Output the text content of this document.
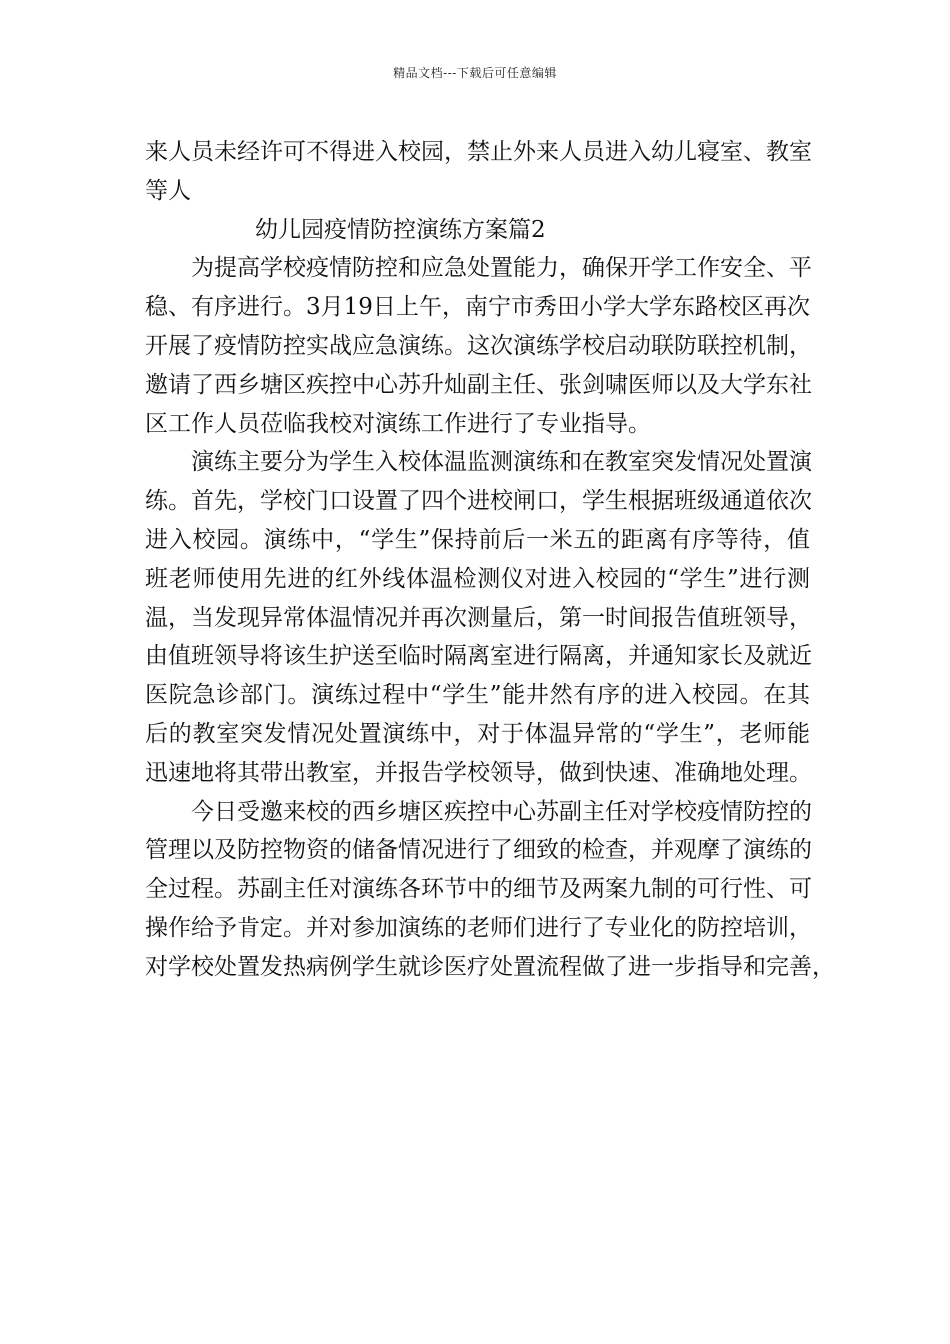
精品文档---下载后可任意编辑
来人员未经许可不得进入校园，禁止外来人员进入幼儿寝室、教室
等人
幼儿园疫情防控演练方案篇2
　　为提高学校疫情防控和应急处置能力，确保开学工作安全、平
稳、有序进行。3月19日上午，南宁市秀田小学大学东路校区再次
开展了疫情防控实战应急演练。这次演练学校启动联防联控机制，
邀请了西乡塘区疾控中心苏升灿副主任、张剑啸医师以及大学东社
区工作人员莅临我校对演练工作进行了专业指导。
　　演练主要分为学生入校体温监测演练和在教室突发情况处置演
练。首先，学校门口设置了四个进校闸口，学生根据班级通道依次
进入校园。演练中，“学生”保持前后一米五的距离有序等待，值
班老师使用先进的红外线体温检测仪对进入校园的“学生”进行测
温，当发现异常体温情况并再次测量后，第一时间报告值班领导，
由值班领导将该生护送至临时隔离室进行隔离，并通知家长及就近
医院急诊部门。演练过程中“学生”能井然有序的进入校园。在其
后的教室突发情况处置演练中，对于体温异常的“学生”，老师能
迅速地将其带出教室，并报告学校领导，做到快速、准确地处理。
　　今日受邀来校的西乡塘区疾控中心苏副主任对学校疫情防控的
管理以及防控物资的储备情况进行了细致的检查，并观摩了演练的
全过程。苏副主任对演练各环节中的细节及两案九制的可行性、可
操作给予肯定。并对参加演练的老师们进行了专业化的防控培训，
对学校处置发热病例学生就诊医疗处置流程做了进一步指导和完善，
